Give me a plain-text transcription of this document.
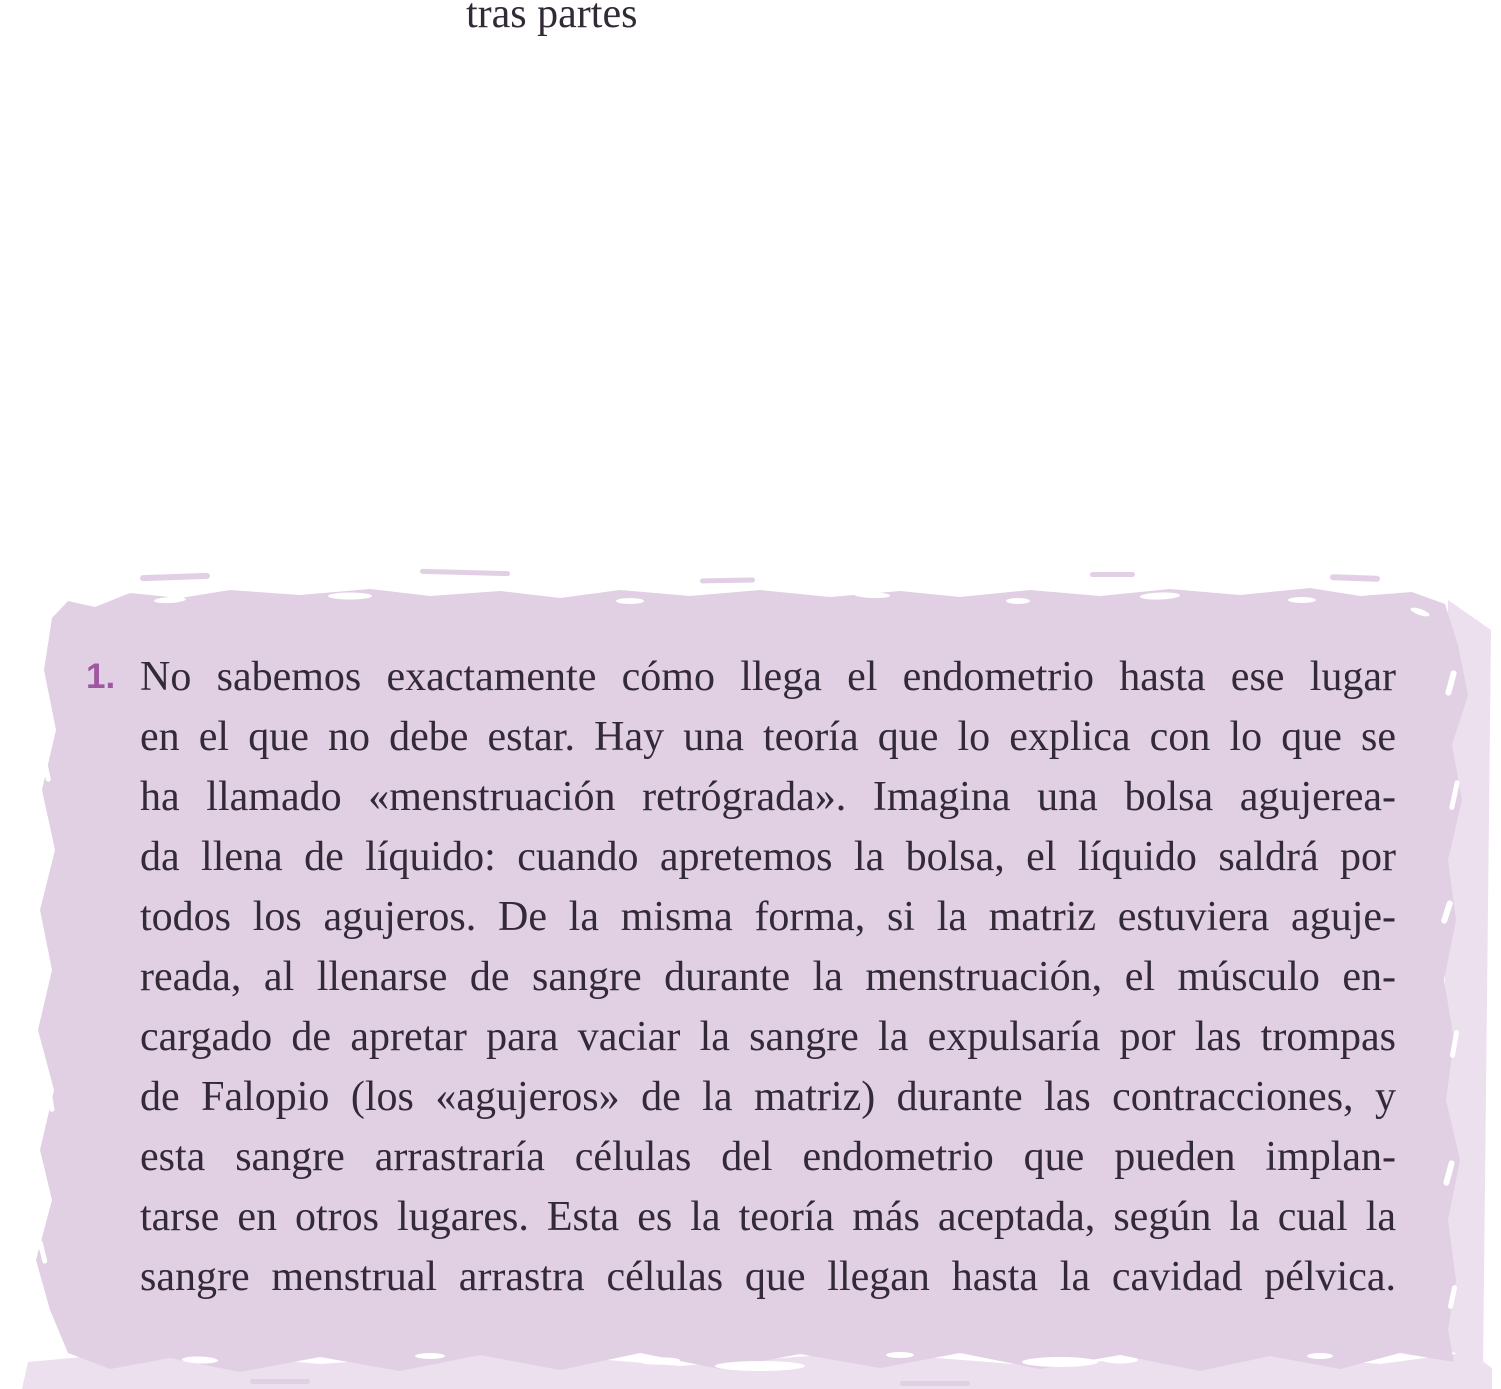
tras partes
1. No sabemos exactamente cómo llega el endometrio hasta ese lugar
en el que no debe estar. Hay una teoría que lo explica con lo que se
ha llamado «menstruación retrógrada». Imagina una bolsa agujerea-
da llena de líquido: cuando apretemos la bolsa, el líquido saldrá por
todos los agujeros. De la misma forma, si la matriz estuviera aguje-
reada, al llenarse de sangre durante la menstruación, el músculo en-
cargado de apretar para vaciar la sangre la expulsaría por las trompas
de Falopio (los «agujeros» de la matriz) durante las contracciones, y
esta sangre arrastraría células del endometrio que pueden implan-
tarse en otros lugares. Esta es la teoría más aceptada, según la cual la
sangre menstrual arrastra células que llegan hasta la cavidad pélvica.
